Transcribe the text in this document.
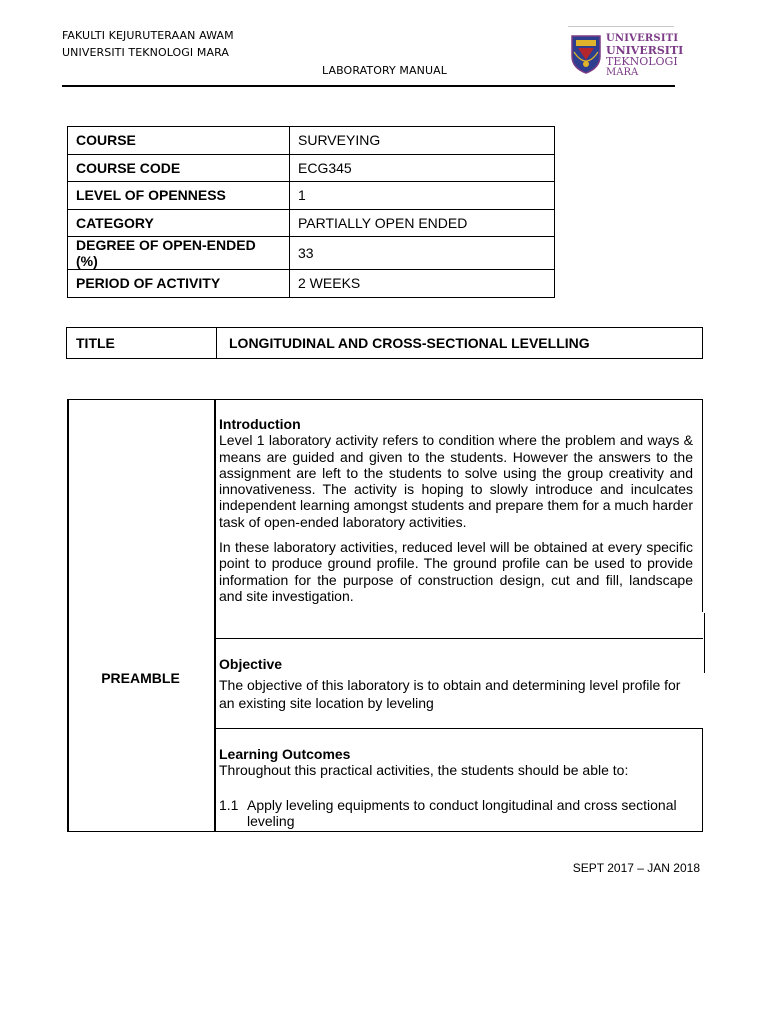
FAKULTI KEJURUTERAAN AWAM
UNIVERSITI TEKNOLOGI MARA
LABORATORY MANUAL
UNIVERSITI
UNIVERSITI
TEKNOLOGI
MARA
COURSE	SURVEYING
COURSE CODE	ECG345
LEVEL OF OPENNESS	1
CATEGORY	PARTIALLY OPEN ENDED
DEGREE OF OPEN-ENDED (%)	33
PERIOD OF ACTIVITY	2 WEEKS
TITLE	LONGITUDINAL AND CROSS-SECTIONAL LEVELLING
PREAMBLE

Introduction

Level 1 laboratory activity refers to condition where the problem and ways & means are guided and given to the students. However the answers to the assignment are left to the students to solve using the group creativity and innovativeness. The activity is hoping to slowly introduce and inculcates independent learning amongst students and prepare them for a much harder task of open-ended laboratory activities.

In these laboratory activities, reduced level will be obtained at every specific point to produce ground profile. The ground profile can be used to provide information for the purpose of construction design, cut and fill, landscape and site investigation.

Objective

The objective of this laboratory is to obtain and determining level profile for an existing site location by leveling

Learning Outcomes

Throughout this practical activities, the students should be able to:

1.1 Apply leveling equipments to conduct longitudinal and cross sectional leveling

SEPT 2017 – JAN 2018
